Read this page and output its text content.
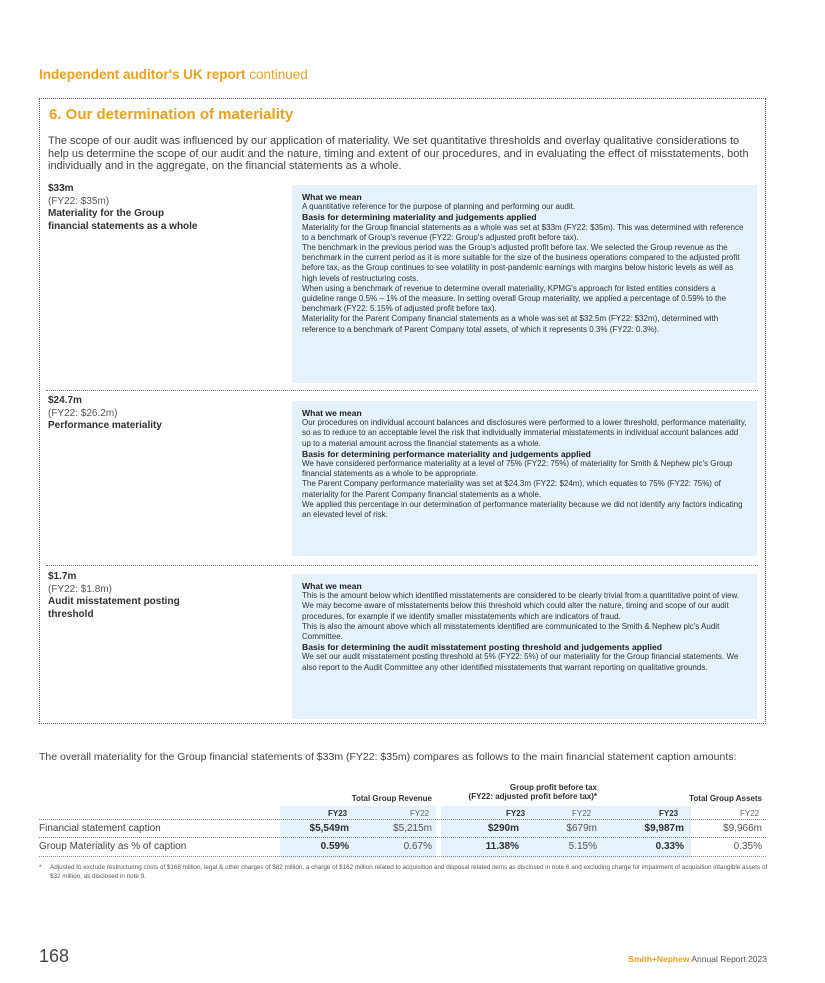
Independent auditor's UK report continued
6. Our determination of materiality

The scope of our audit was influenced by our application of materiality. We set quantitative thresholds and overlay qualitative considerations to help us determine the scope of our audit and the nature, timing and extent of our procedures, and in evaluating the effect of misstatements, both individually and in the aggregate, on the financial statements as a whole.

$33m
(FY22: $35m)
Materiality for the Group financial statements as a whole

What we mean

A quantitative reference for the purpose of planning and performing our audit.

Basis for determining materiality and judgements applied

Materiality for the Group financial statements as a whole was set at $33m (FY22: $35m). This was determined with reference to a benchmark of Group's revenue (FY22: Group's adjusted profit before tax).

The benchmark in the previous period was the Group's adjusted profit before tax. We selected the Group revenue as the benchmark in the current period as it is more suitable for the size of the business operations compared to the adjusted profit before tax, as the Group continues to see volatility in post-pandemic earnings with margins below historic levels as well as high levels of restructuring costs.

When using a benchmark of revenue to determine overall materiality, KPMG's approach for listed entities considers a guideline range 0.5% – 1% of the measure. In setting overall Group materiality, we applied a percentage of 0.59% to the benchmark (FY22: 5.15% of adjusted profit before tax).

Materiality for the Parent Company financial statements as a whole was set at $32.5m (FY22: $32m), determined with reference to a benchmark of Parent Company total assets, of which it represents 0.3% (FY22: 0.3%).

$24.7m
(FY22: $26.2m)
Performance materiality

What we mean

Our procedures on individual account balances and disclosures were performed to a lower threshold, performance materiality, so as to reduce to an acceptable level the risk that individually immaterial misstatements in individual account balances add up to a material amount across the financial statements as a whole.

Basis for determining performance materiality and judgements applied

We have considered performance materiality at a level of 75% (FY22: 75%) of materiality for Smith & Nephew plc's Group financial statements as a whole to be appropriate.

The Parent Company performance materiality was set at $24.3m (FY22: $24m), which equates to 75% (FY22: 75%) of materiality for the Parent Company financial statements as a whole.

We applied this percentage in our determination of performance materiality because we did not identify any factors indicating an elevated level of risk.

$1.7m
(FY22: $1.8m)
Audit misstatement posting threshold

What we mean

This is the amount below which identified misstatements are considered to be clearly trivial from a quantitative point of view. We may become aware of misstatements below this threshold which could alter the nature, timing and scope of our audit procedures, for example if we identify smaller misstatements which are indicators of fraud.

This is also the amount above which all misstatements identified are communicated to the Smith & Nephew plc's Audit Committee.

Basis for determining the audit misstatement posting threshold and judgements applied

We set our audit misstatement posting threshold at 5% (FY22: 5%) of our materiality for the Group financial statements. We also report to the Audit Committee any other identified misstatements that warrant reporting on qualitative grounds.

The overall materiality for the Group financial statements of $33m (FY22: $35m) compares as follows to the main financial statement caption amounts:

Total Group Revenue
Group profit before tax
(FY22: adjusted profit before tax)*	Total Group Assets
FY23	FY22	FY23	FY22	FY23	FY22
Financial statement caption	$5,549m	$5,215m	$290m	$679m	$9,987m	$9,966m
Group Materiality as % of caption	0.59%	0.67%	11.38%	5.15%	0.33%	0.35%
* Adjusted to exclude restructuring costs of $168 million, legal & other charges of $82 million, a charge of $162 million related to acquisition and disposal related items as disclosed in note 6 and excluding charge for impairment of acquisition intangible assets of $32 million, as disclosed in note 9.
168	Smith+Nephew Annual Report 2023
